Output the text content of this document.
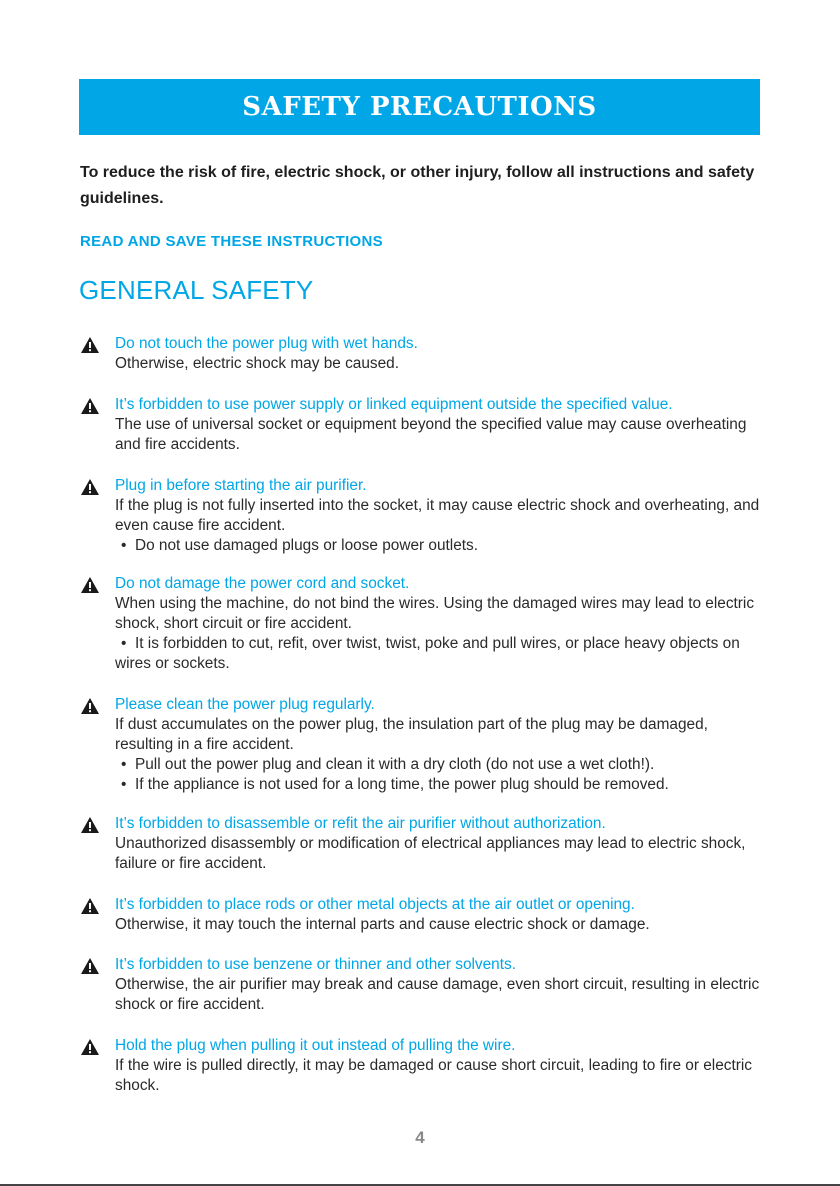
SAFETY PRECAUTIONS
To reduce the risk of fire, electric shock, or other injury, follow all instructions and safety guidelines.
READ AND SAVE THESE INSTRUCTIONS
GENERAL SAFETY
Do not touch the power plug with wet hands.
Otherwise, electric shock may be caused.
It’s forbidden to use power supply or linked equipment outside the specified value.
The use of universal socket or equipment beyond the specified value may cause overheating and fire accidents.
Plug in before starting the air purifier.
If the plug is not fully inserted into the socket, it may cause electric shock and overheating, and even cause fire accident.
•  Do not use damaged plugs or loose power outlets.
Do not damage the power cord and socket.
When using the machine, do not bind the wires. Using the damaged wires may lead to electric shock, short circuit or fire accident.
•  It is forbidden to cut, refit, over twist, twist, poke and pull wires, or place heavy objects on wires or sockets.
Please clean the power plug regularly.
If dust accumulates on the power plug, the insulation part of the plug may be damaged, resulting in a fire accident.
•  Pull out the power plug and clean it with a dry cloth (do not use a wet cloth!).
•  If the appliance is not used for a long time, the power plug should be removed.
It’s forbidden to disassemble or refit the air purifier without authorization.
Unauthorized disassembly or modification of electrical appliances may lead to electric shock, failure or fire accident.
It’s forbidden to place rods or other metal objects at the air outlet or opening.
Otherwise, it may touch the internal parts and cause electric shock or damage.
It’s forbidden to use benzene or thinner and other solvents.
Otherwise, the air purifier may break and cause damage, even short circuit, resulting in electric shock or fire accident.
Hold the plug when pulling it out instead of pulling the wire.
If the wire is pulled directly, it may be damaged or cause short circuit, leading to fire or electric shock.
4
